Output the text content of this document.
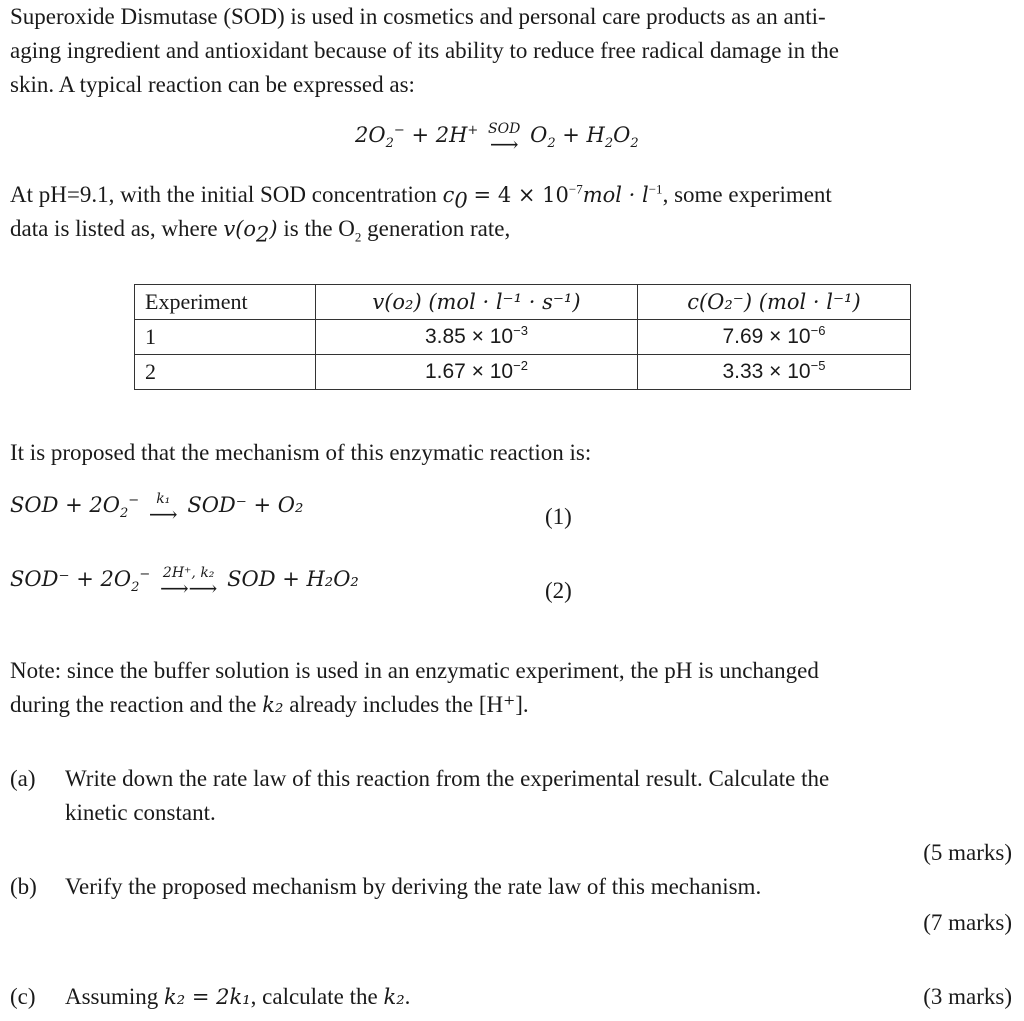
Superoxide Dismutase (SOD) is used in cosmetics and personal care products as an anti-
aging ingredient and antioxidant because of its ability to reduce free radical damage in the
skin. A typical reaction can be expressed as:
$2O_2^- + 2H^+$ SOD
⟶ $O_2 + H_2O_2$
At pH=9.1, with the initial SOD concentration $c_0 = 4 \times 10^{-7}mol \cdot l^{-1}$, some experiment
data is listed as, where $v(o_2)$ is the $O_2$ generation rate,
Experiment	v(o₂) (mol · l⁻¹ · s⁻¹)	c(O₂⁻) (mol · l⁻¹)
1	$3.85 \times 10^{-3}$	$7.69 \times 10^{-6}$
2	$1.67 \times 10^{-2}$	$3.33 \times 10^{-5}$
It is proposed that the mechanism of this enzymatic reaction is:
SOD + $2O_2^-$ k₁
⟶ SOD⁻ + O₂	(1)
$SOD^- + 2O_2^-$ 2H⁺, k₂
⟶⟶ SOD + H₂O₂	(2)
Note: since the buffer solution is used in an enzymatic experiment, the pH is unchanged
during the reaction and the k₂ already includes the [H⁺].
(a) Write down the rate law of this reaction from the experimental result. Calculate the
kinetic constant.
(5 marks)
(b) Verify the proposed mechanism by deriving the rate law of this mechanism.
(7 marks)
(c) Assuming k₂ = 2k₁, calculate the k₂.	(3 marks)
